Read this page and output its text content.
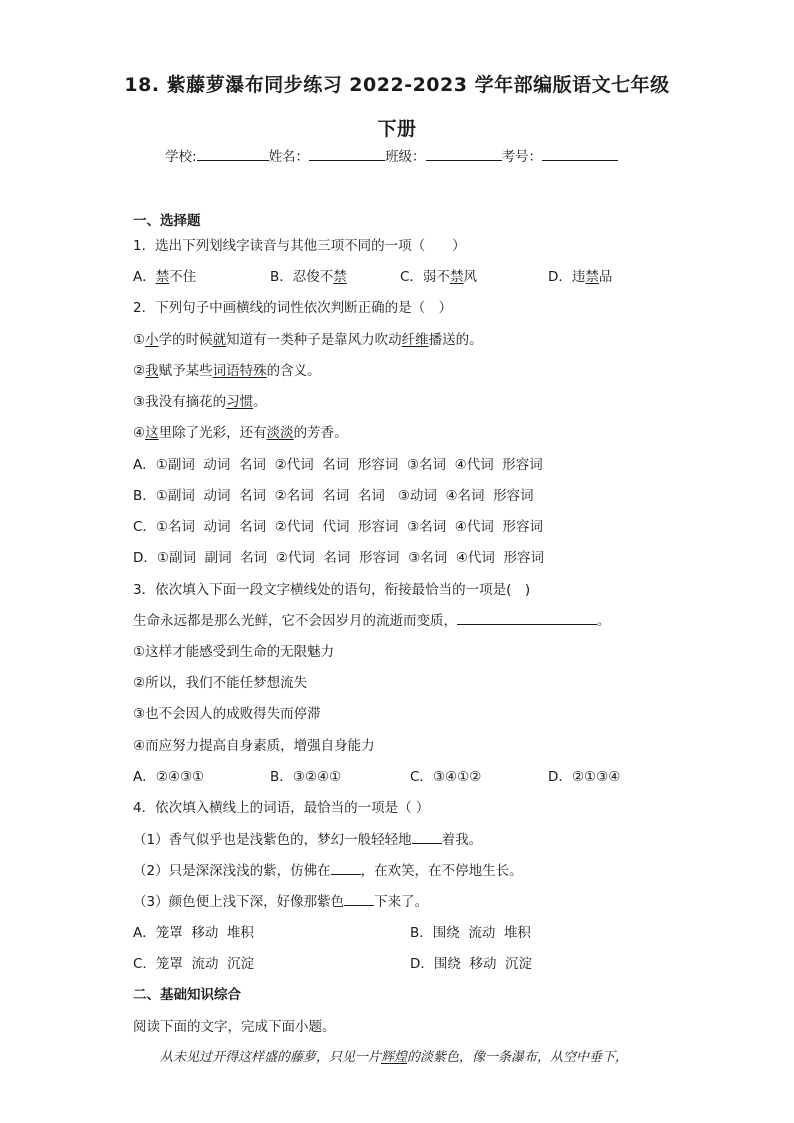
18. 紫藤萝瀑布同步练习 2022-2023 学年部编版语文七年级
下册
学校:	姓名：	班级：	考号：
一、选择题
1．选出下列划线字读音与其他三项不同的一项（　　）
A．禁不住	B．忍俊不禁	C．弱不禁风	D．违禁品
2．下列句子中画横线的词性依次判断正确的是（　）
①小学的时候就知道有一类种子是靠风力吹动纤维播送的。
②我赋予某些词语特殊的含义。
③我没有摘花的习惯。
④这里除了光彩，还有淡淡的芳香。
A．①副词  动词  名词  ②代词  名词  形容词  ③名词  ④代词  形容词
B．①副词  动词  名词  ②名词  名词  名词   ③动词  ④名词  形容词
C．①名词  动词  名词  ②代词  代词  形容词  ③名词  ④代词  形容词
D．①副词  副词  名词  ②代词  名词  形容词  ③名词  ④代词  形容词
3．依次填入下面一段文字横线处的语句，衔接最恰当的一项是(　)
生命永远都是那么光鲜，它不会因岁月的流逝而变质，	。
①这样才能感受到生命的无限魅力
②所以，我们不能任梦想流失
③也不会因人的成败得失而停滞
④而应努力提高自身素质，增强自身能力
A．②④③①	B．③②④①	C．③④①②	D．②①③④
4．依次填入横线上的词语，最恰当的一项是（ ）
（1）香气似乎也是浅紫色的，梦幻一般轻轻地 着我。
（2）只是深深浅浅的紫，仿佛在 ，在欢笑，在不停地生长。
（3）颜色便上浅下深，好像那紫色 下来了。
A．笼罩  移动  堆积	B．围绕  流动  堆积
C．笼罩  流动  沉淀	D．围绕  移动  沉淀
二、基础知识综合
阅读下面的文字，完成下面小题。
从未见过开得这样盛的藤萝，只见一片辉煌的淡紫色，像一条瀑布，从空中垂下，
